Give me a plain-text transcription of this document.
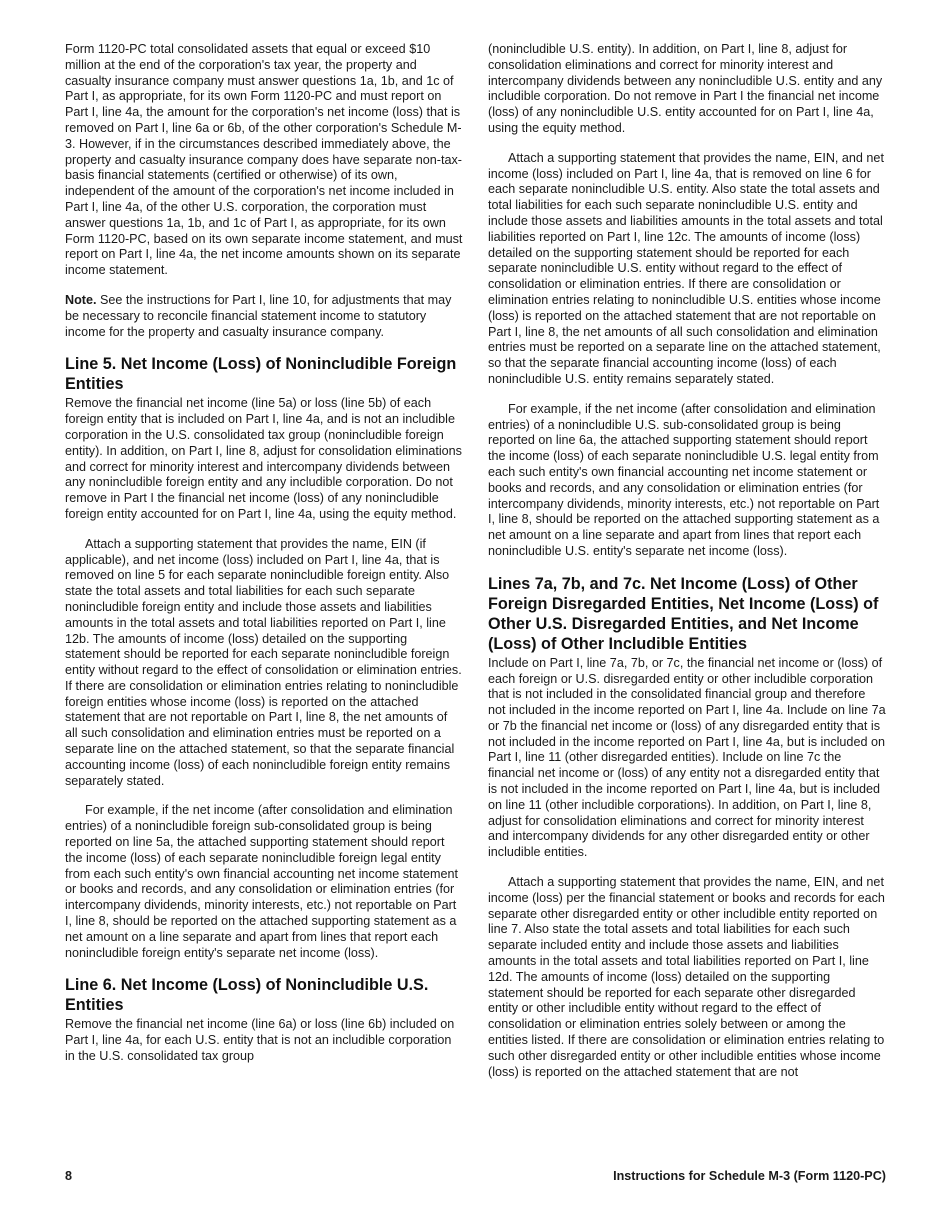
Form 1120-PC total consolidated assets that equal or exceed $10 million at the end of the corporation's tax year, the property and casualty insurance company must answer questions 1a, 1b, and 1c of Part I, as appropriate, for its own Form 1120-PC and must report on Part I, line 4a, the amount for the corporation's net income (loss) that is removed on Part I, line 6a or 6b, of the other corporation's Schedule M-3. However, if in the circumstances described immediately above, the property and casualty insurance company does have separate non-tax-basis financial statements (certified or otherwise) of its own, independent of the amount of the corporation's net income included in Part I, line 4a, of the other U.S. corporation, the corporation must answer questions 1a, 1b, and 1c of Part I, as appropriate, for its own Form 1120-PC, based on its own separate income statement, and must report on Part I, line 4a, the net income amounts shown on its separate income statement.

Note. See the instructions for Part I, line 10, for adjustments that may be necessary to reconcile financial statement income to statutory income for the property and casualty insurance company.

Line 5. Net Income (Loss) of Nonincludible Foreign Entities

Remove the financial net income (line 5a) or loss (line 5b) of each foreign entity that is included on Part I, line 4a, and is not an includible corporation in the U.S. consolidated tax group (nonincludible foreign entity). In addition, on Part I, line 8, adjust for consolidation eliminations and correct for minority interest and intercompany dividends between any nonincludible foreign entity and any includible corporation. Do not remove in Part I the financial net income (loss) of any nonincludible foreign entity accounted for on Part I, line 4a, using the equity method.

Attach a supporting statement that provides the name, EIN (if applicable), and net income (loss) included on Part I, line 4a, that is removed on line 5 for each separate nonincludible foreign entity. Also state the total assets and total liabilities for each such separate nonincludible foreign entity and include those assets and liabilities amounts in the total assets and total liabilities reported on Part I, line 12b. The amounts of income (loss) detailed on the supporting statement should be reported for each separate nonincludible foreign entity without regard to the effect of consolidation or elimination entries. If there are consolidation or elimination entries relating to nonincludible foreign entities whose income (loss) is reported on the attached statement that are not reportable on Part I, line 8, the net amounts of all such consolidation and elimination entries must be reported on a separate line on the attached statement, so that the separate financial accounting income (loss) of each nonincludible foreign entity remains separately stated.

For example, if the net income (after consolidation and elimination entries) of a nonincludible foreign sub-consolidated group is being reported on line 5a, the attached supporting statement should report the income (loss) of each separate nonincludible foreign legal entity from each such entity's own financial accounting net income statement or books and records, and any consolidation or elimination entries (for intercompany dividends, minority interests, etc.) not reportable on Part I, line 8, should be reported on the attached supporting statement as a net amount on a line separate and apart from lines that report each nonincludible foreign entity's separate net income (loss).

Line 6. Net Income (Loss) of Nonincludible U.S. Entities

Remove the financial net income (line 6a) or loss (line 6b) included on Part I, line 4a, for each U.S. entity that is not an includible corporation in the U.S. consolidated tax group

(nonincludible U.S. entity). In addition, on Part I, line 8, adjust for consolidation eliminations and correct for minority interest and intercompany dividends between any nonincludible U.S. entity and any includible corporation. Do not remove in Part I the financial net income (loss) of any nonincludible U.S. entity accounted for on Part I, line 4a, using the equity method.

Attach a supporting statement that provides the name, EIN, and net income (loss) included on Part I, line 4a, that is removed on line 6 for each separate nonincludible U.S. entity. Also state the total assets and total liabilities for each such separate nonincludible U.S. entity and include those assets and liabilities amounts in the total assets and total liabilities reported on Part I, line 12c. The amounts of income (loss) detailed on the supporting statement should be reported for each separate nonincludible U.S. entity without regard to the effect of consolidation or elimination entries. If there are consolidation or elimination entries relating to nonincludible U.S. entities whose income (loss) is reported on the attached statement that are not reportable on Part I, line 8, the net amounts of all such consolidation and elimination entries must be reported on a separate line on the attached statement, so that the separate financial accounting income (loss) of each nonincludible U.S. entity remains separately stated.

For example, if the net income (after consolidation and elimination entries) of a nonincludible U.S. sub-consolidated group is being reported on line 6a, the attached supporting statement should report the income (loss) of each separate nonincludible U.S. legal entity from each such entity's own financial accounting net income statement or books and records, and any consolidation or elimination entries (for intercompany dividends, minority interests, etc.) not reportable on Part I, line 8, should be reported on the attached supporting statement as a net amount on a line separate and apart from lines that report each nonincludible U.S. entity's separate net income (loss).

Lines 7a, 7b, and 7c. Net Income (Loss) of Other Foreign Disregarded Entities, Net Income (Loss) of Other U.S. Disregarded Entities, and Net Income (Loss) of Other Includible Entities

Include on Part I, line 7a, 7b, or 7c, the financial net income or (loss) of each foreign or U.S. disregarded entity or other includible corporation that is not included in the consolidated financial group and therefore not included in the income reported on Part I, line 4a. Include on line 7a or 7b the financial net income or (loss) of any disregarded entity that is not included in the income reported on Part I, line 4a, but is included on Part I, line 11 (other disregarded entities). Include on line 7c the financial net income or (loss) of any entity not a disregarded entity that is not included in the income reported on Part I, line 4a, but is included on line 11 (other includible corporations). In addition, on Part I, line 8, adjust for consolidation eliminations and correct for minority interest and intercompany dividends for any other disregarded entity or other includible entities.

Attach a supporting statement that provides the name, EIN, and net income (loss) per the financial statement or books and records for each separate other disregarded entity or other includible entity reported on line 7. Also state the total assets and total liabilities for each such separate included entity and include those assets and liabilities amounts in the total assets and total liabilities reported on Part I, line 12d. The amounts of income (loss) detailed on the supporting statement should be reported for each separate other disregarded entity or other includible entity without regard to the effect of consolidation or elimination entries solely between or among the entities listed. If there are consolidation or elimination entries relating to such other disregarded entity or other includible entities whose income (loss) is reported on the attached statement that are not

8	Instructions for Schedule M-3 (Form 1120-PC)
